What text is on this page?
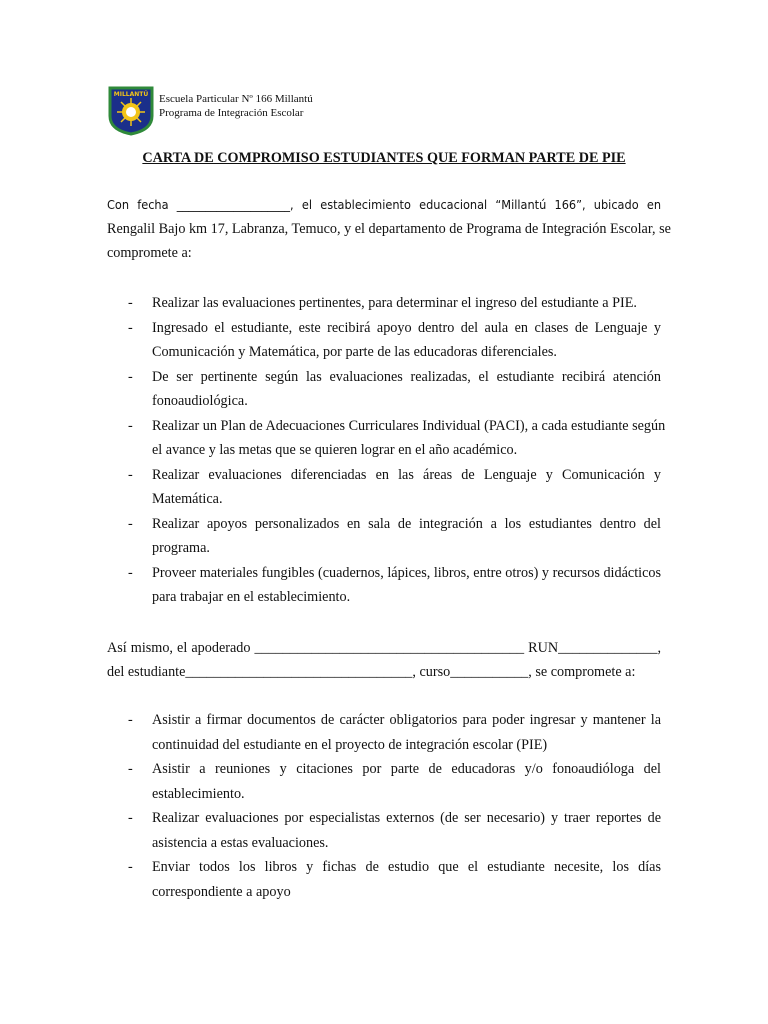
MILLANTÚ Escuela Particular Nº 166 Millantú
Programa de Integración Escolar
CARTA DE COMPROMISO ESTUDIANTES QUE FORMAN PARTE DE PIE
Con fecha ____________________, el establecimiento educacional “Millantú 166”, ubicado en
Rengalil Bajo km 17, Labranza, Temuco, y el departamento de Programa de Integración Escolar, se
compromete a:
- Realizar las evaluaciones pertinentes, para determinar el ingreso del estudiante a PIE.
- Ingresado el estudiante, este recibirá apoyo dentro del aula en clases de Lenguaje y
Comunicación y Matemática, por parte de las educadoras diferenciales.
- De ser pertinente según las evaluaciones realizadas, el estudiante recibirá atención
fonoaudiológica.
- Realizar un Plan de Adecuaciones Curriculares Individual (PACI), a cada estudiante según
el avance y las metas que se quieren lograr en el año académico.
- Realizar evaluaciones diferenciadas en las áreas de Lenguaje y Comunicación y
Matemática.
- Realizar apoyos personalizados en sala de integración a los estudiantes dentro del
programa.
- Proveer materiales fungibles (cuadernos, lápices, libros, entre otros) y recursos didácticos
para trabajar en el establecimiento.
Así mismo, el apoderado ______________________________________ RUN______________,
del estudiante________________________________, curso___________, se compromete a:
- Asistir a firmar documentos de carácter obligatorios para poder ingresar y mantener la
continuidad del estudiante en el proyecto de integración escolar (PIE)
- Asistir a reuniones y citaciones por parte de educadoras y/o fonoaudióloga del
establecimiento.
- Realizar evaluaciones por especialistas externos (de ser necesario) y traer reportes de
asistencia a estas evaluaciones.
- Enviar todos los libros y fichas de estudio que el estudiante necesite, los días
correspondiente a apoyo
